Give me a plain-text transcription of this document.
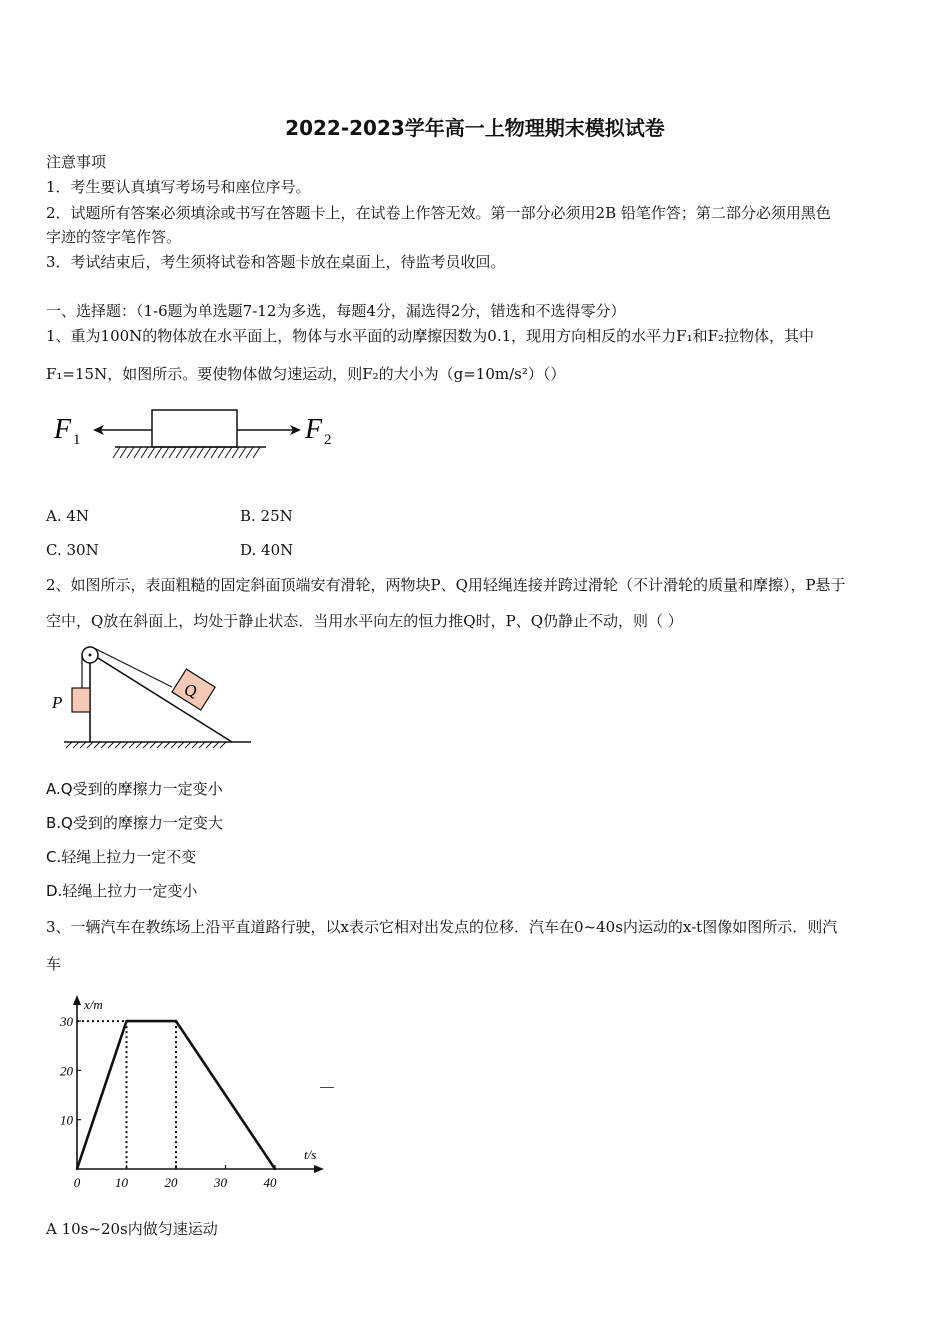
2022-2023学年高一上物理期末模拟试卷
注意事项
1．考生要认真填写考场号和座位序号。
2．试题所有答案必须填涂或书写在答题卡上，在试卷上作答无效。第一部分必须用2B 铅笔作答；第二部分必须用黑色
字迹的签字笔作答。
3．考试结束后，考生须将试卷和答题卡放在桌面上，待监考员收回。
一、选择题：（1-6题为单选题7-12为多选，每题4分，漏选得2分，错选和不选得零分）
1、重为100N的物体放在水平面上，物体与水平面的动摩擦因数为0.1，现用方向相反的水平力F₁和F₂拉物体，其中
F₁=15N，如图所示。要使物体做匀速运动，则F₂的大小为（g=10m/s²）（）
F 1	F 2
A. 4N	B. 25N
C. 30N	D. 40N
2、如图所示，表面粗糙的固定斜面顶端安有滑轮，两物块P、Q用轻绳连接并跨过滑轮（不计滑轮的质量和摩擦），P悬于
空中，Q放在斜面上，均处于静止状态．当用水平向左的恒力推Q时，P、Q仍静止不动，则（ ）
P
Q
A.Q受到的摩擦力一定变小
B.Q受到的摩擦力一定变大
C.轻绳上拉力一定不变
D.轻绳上拉力一定变小
3、一辆汽车在教练场上沿平直道路行驶，以x表示它相对出发点的位移．汽车在0~40s内运动的x-t图像如图所示．则汽
车
t/s
x/m
0	10	20	30	40
10
20
30
A 10s~20s内做匀速运动
